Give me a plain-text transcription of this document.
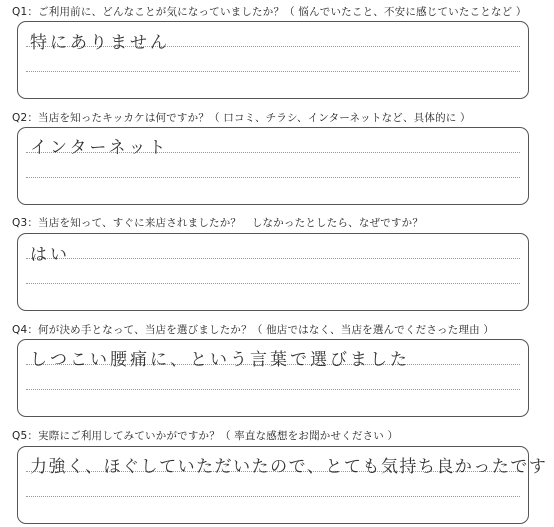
Q1：ご利用前に、どんなことが気になっていましたか？（ 悩んでいたこと、不安に感じていたことなど ）
特にありません
Q2：当店を知ったキッカケは何ですか？（ 口コミ、チラシ、インターネットなど、具体的に ）
インターネット
Q3：当店を知って、すぐに来店されましたか？　しなかったとしたら、なぜですか？
はい
Q4：何が決め手となって、当店を選びましたか？（ 他店ではなく、当店を選んでくださった理由 ）
しつこい腰痛に、という言葉で選びました
Q5：実際にご利用してみていかがですか？（ 率直な感想をお聞かせください ）
力強く、ほぐしていただいたので、とても気持ち良かったです
